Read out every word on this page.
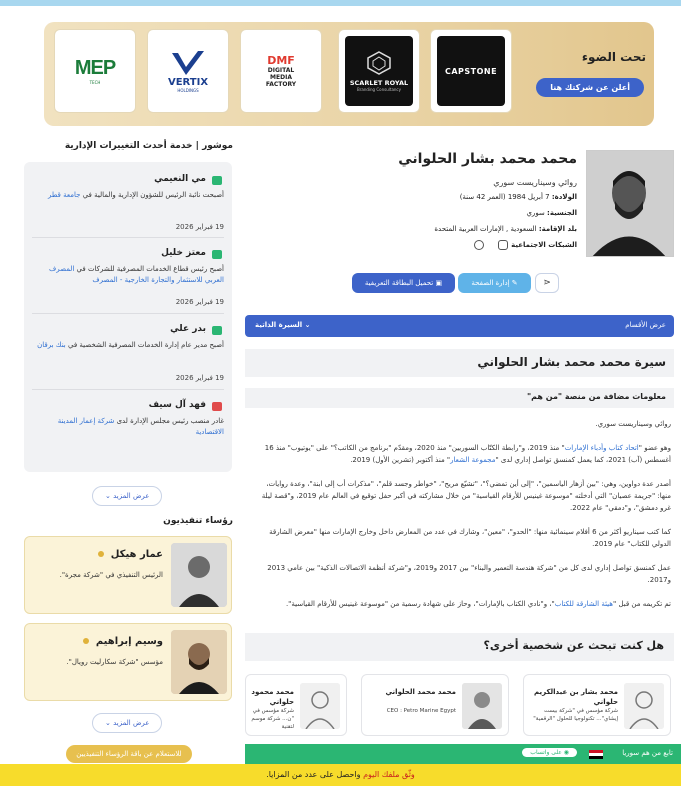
تحت الضوء
أعلن عن شركتك هنا
CAPSTONE
SCARLET ROYAL
Branding Consultancy
DMF
DIGITAL MEDIA FACTORY
VERTIX
HOLDINGS
MEP
TECH
موشور | خدمة أحدث التغييرات الإدارية
مي النعيمي
أصبحت نائبة الرئيس للشؤون الإدارية والمالية في جامعة قطر
19 فبراير 2026
معتز خليل
أصبح رئيس قطاع الخدمات المصرفية للشركات في المصرف العربي للاستثمار والتجارة الخارجية - المصرف
19 فبراير 2026
بدر علي
أصبح مدير عام إدارة الخدمات المصرفية الشخصية في بنك برقان
19 فبراير 2026
فهد آل سيف
غادر منصب رئيس مجلس الإدارة لدى شركة إعمار المدينة الاقتصادية
عرض المزيد ⌄
رؤساء تنفيذيون
عمار هيكل
الرئيس التنفيذي في "شركة مجرة".
وسيم إبراهيم
مؤسس "شركة سكارليت رويال".
عرض المزيد ⌄
للاستعلام عن باقة الرؤساء التنفيذيين
محمد محمد بشار الحلواني
روائي وسيناريست سوري
الولادة: 7 أبريل 1984 (العمر 42 سنة)
الجنسية: سوري
بلد الإقامة: السعودية , الإمارات العربية المتحدة
الشبكات الاجتماعية
▣ تحميل البطاقة التعريفية	✎ إدارة الصفحة	⋖
عرض الأقسام
⌄ السيرة الذاتية
سيرة محمد محمد بشار الحلواني
معلومات مضافة من منصة "من هم"
روائي وسيناريست سوري.
وهو عضو "اتحاد كتاب وأدباء الإمارات" منذ 2019، و"رابطة الكتّاب السوريين" منذ 2020، ومقدّم "برنامج من الكاتب؟" على "يوتيوب" منذ 16 أغسطس (آب) 2021، كما يعمل كمنسق تواصل إداري لدى "مجموعة الشعار" منذ أكتوبر (تشرين الأول) 2019.
أصدر عدة دواوين، وهي: "بين أزهار الياسمين"، "إلى أين تمضي؟"، "تشيّع مريح"، "خواطر وجسد قلم"، "مذكرات أب إلى ابنة"، وعدة روايات، منها: "جريمة عصيان" التي أدخلته "موسوعة غينيس للأرقام القياسية" من خلال مشاركته في أكبر حفل توقيع في العالم عام 2019، و"قصة ليلة غرو دمشق"، و"دمقي" عام 2022.
كما كتب سيناريو أكثر من 6 أفلام سينمائية منها: "الحدو"، "معين"، وشارك في عدد من المعارض داخل وخارج الإمارات منها "معرض الشارقة الدولي للكتاب" عام 2019.
عمل كمنسق تواصل إداري لدى كل من "شركة هندسة التعمير والبناء" بين 2017 و2019، و"شركة أنظمة الاتصالات الذكية" بين عامي 2013 و2017.
تم تكريمه من قبل "هيئة الشارقة للكتاب"، و"نادي الكتاب بالإمارات"، وحاز على شهادة رسمية من "موسوعة غينيس للأرقام القياسية".
هل كنت تبحث عن شخصية أخرى؟
محمد بشار بن عبدالكريم حلواني
شركة مؤسس في "شركة بيست إيشاي"... تكنولوجيا للحلول "الرقمية"
محمد محمد الحلواني
CEO : Petro Marine Egypt
محمد محمود حلواني
شركة مؤسس في "ن... شركة موسم لتقنية
تابع من هم سوريا
◉ على واتساب
وثّق ملفك اليوم واحصل على عدد من المزايا.
